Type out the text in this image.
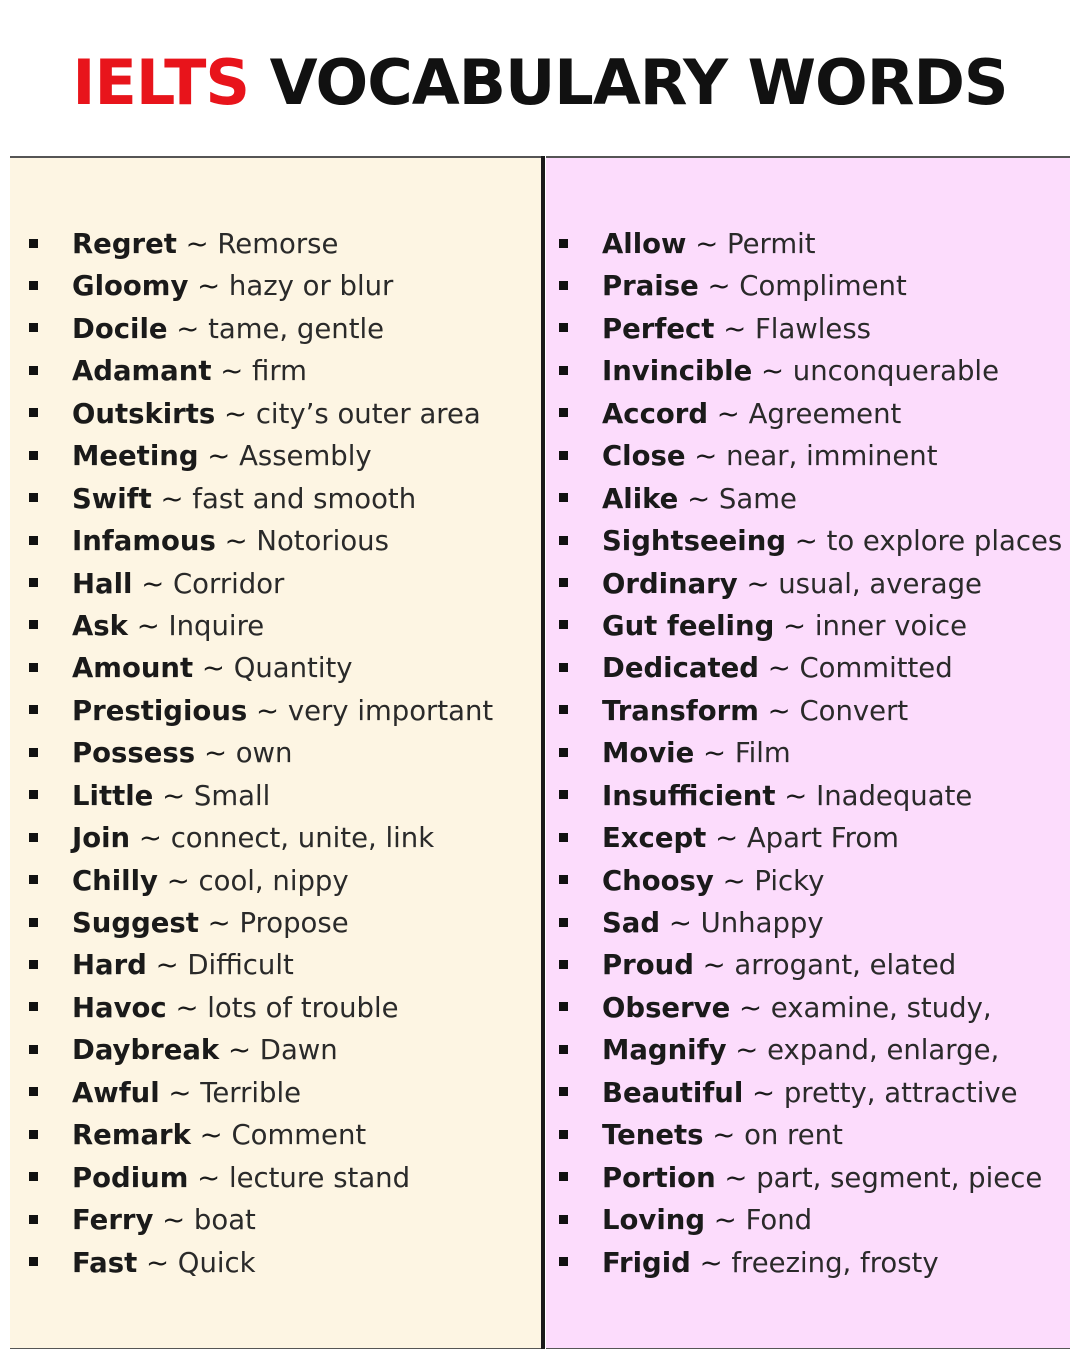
IELTS VOCABULARY WORDS
Regret ~ Remorse
Gloomy ~ hazy or blur
Docile ~ tame, gentle
Adamant ~ firm
Outskirts ~ city’s outer area
Meeting ~ Assembly
Swift ~ fast and smooth
Infamous ~ Notorious
Hall ~ Corridor
Ask ~ Inquire
Amount ~ Quantity
Prestigious ~ very important
Possess ~ own
Little ~ Small
Join ~ connect, unite, link
Chilly ~ cool, nippy
Suggest ~ Propose
Hard ~ Difficult
Havoc ~ lots of trouble
Daybreak ~ Dawn
Awful ~ Terrible
Remark ~ Comment
Podium ~ lecture stand
Ferry ~ boat
Fast ~ Quick
Allow ~ Permit
Praise ~ Compliment
Perfect ~ Flawless
Invincible ~ unconquerable
Accord ~ Agreement
Close ~ near, imminent
Alike ~ Same
Sightseeing ~ to explore places
Ordinary ~ usual, average
Gut feeling ~ inner voice
Dedicated ~ Committed
Transform ~ Convert
Movie ~ Film
Insufficient ~ Inadequate
Except ~ Apart From
Choosy ~ Picky
Sad ~ Unhappy
Proud ~ arrogant, elated
Observe ~ examine, study,
Magnify ~ expand, enlarge,
Beautiful ~ pretty, attractive
Tenets ~ on rent
Portion ~ part, segment, piece
Loving ~ Fond
Frigid ~ freezing, frosty
